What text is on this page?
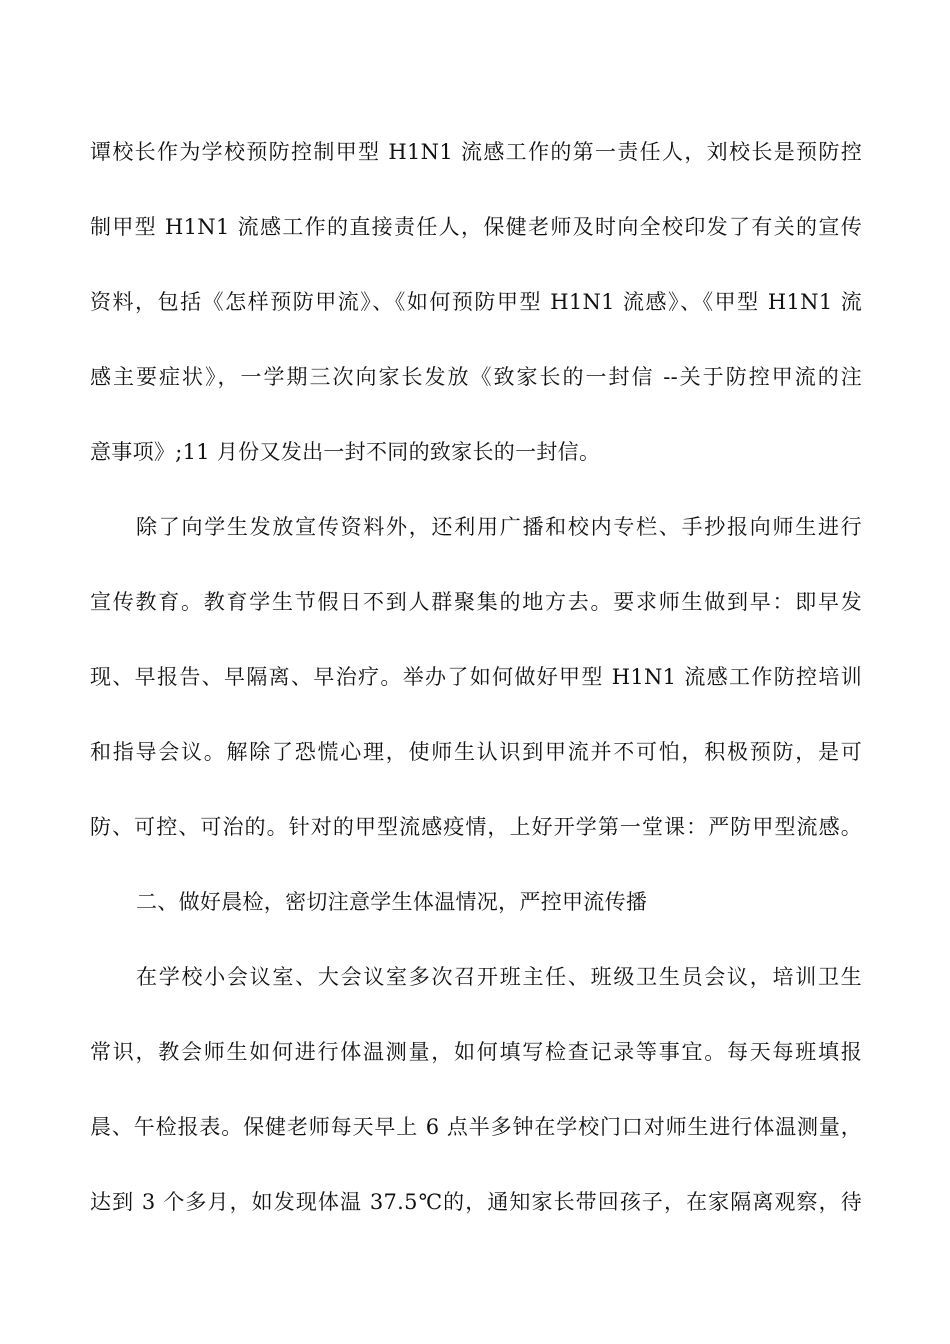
谭校长作为学校预防控制甲型 H1N1 流感工作的第一责任人，刘校长是预防控
制甲型 H1N1 流感工作的直接责任人，保健老师及时向全校印发了有关的宣传
资料，包括《怎样预防甲流》、《如何预防甲型 H1N1 流感》、《甲型 H1N1 流
感主要症状》，一学期三次向家长发放《致家长的一封信 --关于防控甲流的注
意事项》;11 月份又发出一封不同的致家长的一封信。
除了向学生发放宣传资料外，还利用广播和校内专栏、手抄报向师生进行
宣传教育。教育学生节假日不到人群聚集的地方去。要求师生做到早：即早发
现、早报告、早隔离、早治疗。举办了如何做好甲型 H1N1 流感工作防控培训
和指导会议。解除了恐慌心理，使师生认识到甲流并不可怕，积极预防，是可
防、可控、可治的。针对的甲型流感疫情，上好开学第一堂课：严防甲型流感。
二、做好晨检，密切注意学生体温情况，严控甲流传播
在学校小会议室、大会议室多次召开班主任、班级卫生员会议，培训卫生
常识，教会师生如何进行体温测量，如何填写检查记录等事宜。每天每班填报
晨、午检报表。保健老师每天早上 6 点半多钟在学校门口对师生进行体温测量，
达到 3 个多月，如发现体温 37.5℃的，通知家长带回孩子，在家隔离观察，待
